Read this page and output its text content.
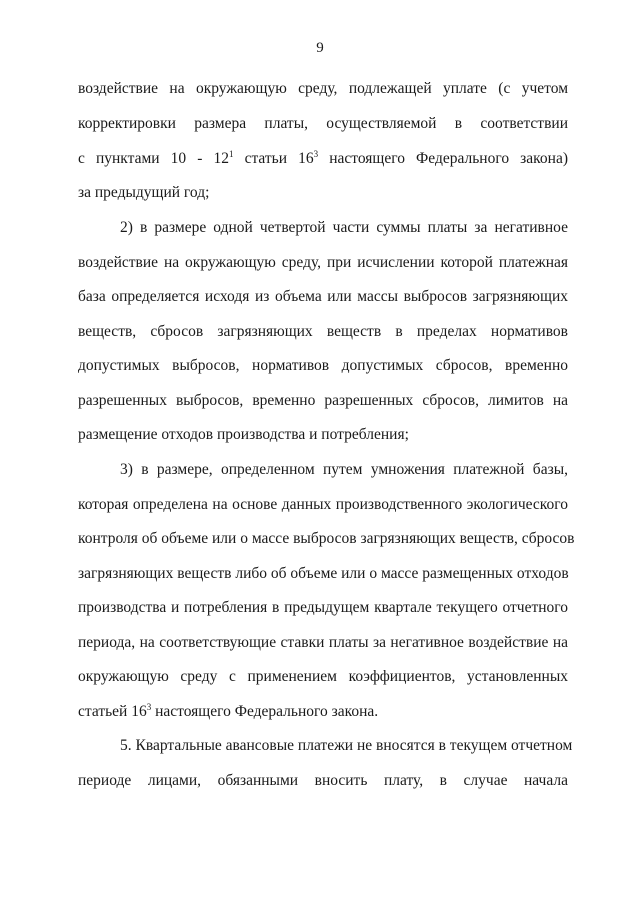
9
воздействие на окружающую среду, подлежащей уплате (с учетом
корректировки размера платы, осуществляемой в соответствии
с пунктами $10 - 12^1$ статьи $16^3$ настоящего Федерального закона)
за предыдущий год;
2) в размере одной четвертой части суммы платы за негативное
воздействие на окружающую среду, при исчислении которой платежная
база определяется исходя из объема или массы выбросов загрязняющих
веществ, сбросов загрязняющих веществ в пределах нормативов
допустимых выбросов, нормативов допустимых сбросов, временно
разрешенных выбросов, временно разрешенных сбросов, лимитов на
размещение отходов производства и потребления;
3) в размере, определенном путем умножения платежной базы,
которая определена на основе данных производственного экологического
контроля об объеме или о массе выбросов загрязняющих веществ, сбросов
загрязняющих веществ либо об объеме или о массе размещенных отходов
производства и потребления в предыдущем квартале текущего отчетного
периода, на соответствующие ставки платы за негативное воздействие на
окружающую среду с применением коэффициентов, установленных
статьей $16^3$ настоящего Федерального закона.
5. Квартальные авансовые платежи не вносятся в текущем отчетном
периоде лицами, обязанными вносить плату, в случае начала
